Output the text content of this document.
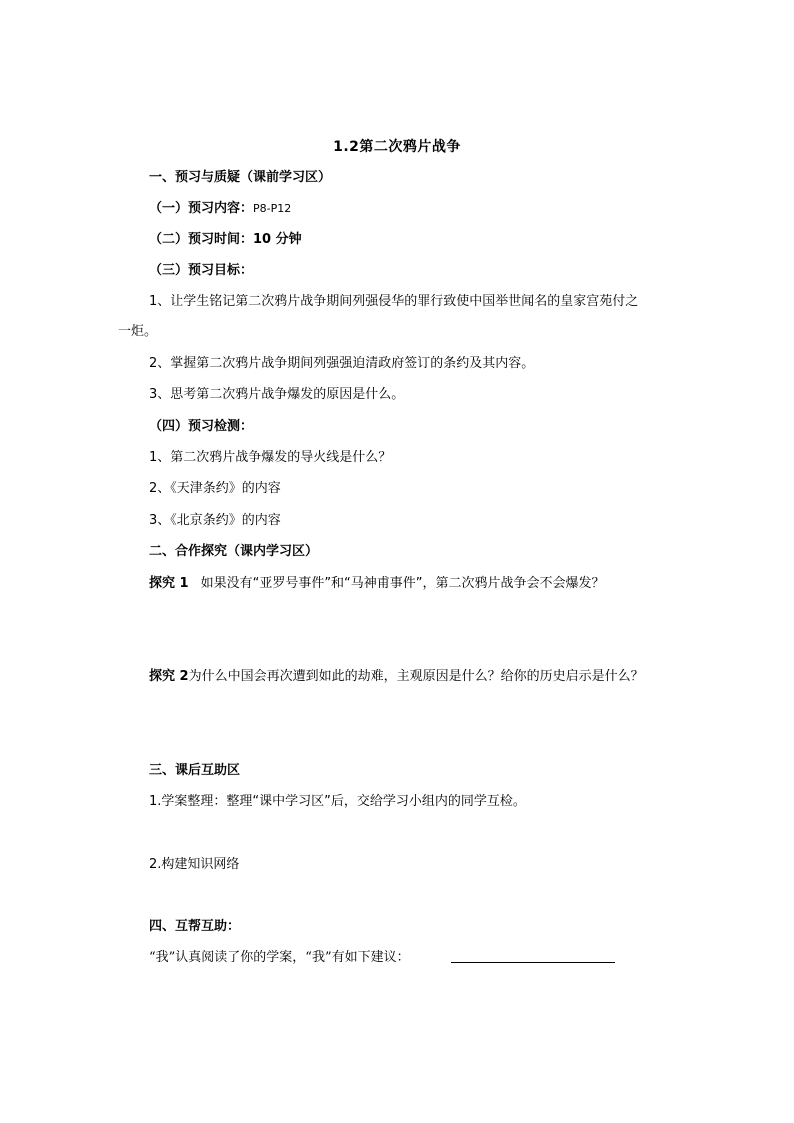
1.2第二次鸦片战争
一、预习与质疑（课前学习区）
（一）预习内容：P8-P12
（二）预习时间：10 分钟
（三）预习目标：
1、让学生铭记第二次鸦片战争期间列强侵华的罪行致使中国举世闻名的皇家宫苑付之
一炬。
2、掌握第二次鸦片战争期间列强强迫清政府签订的条约及其内容。
3、思考第二次鸦片战争爆发的原因是什么。
（四）预习检测：
1、第二次鸦片战争爆发的导火线是什么？
2、《天津条约》的内容
3、《北京条约》的内容
二、合作探究（课内学习区）
探究 1 如果没有“亚罗号事件”和“马神甫事件”，第二次鸦片战争会不会爆发？
探究 2为什么中国会再次遭到如此的劫难，主观原因是什么？给你的历史启示是什么？
三、课后互助区
1.学案整理：整理“课中学习区”后，交给学习小组内的同学互检。
2.构建知识网络
四、互帮互助：
“我”认真阅读了你的学案，“我”有如下建议：
